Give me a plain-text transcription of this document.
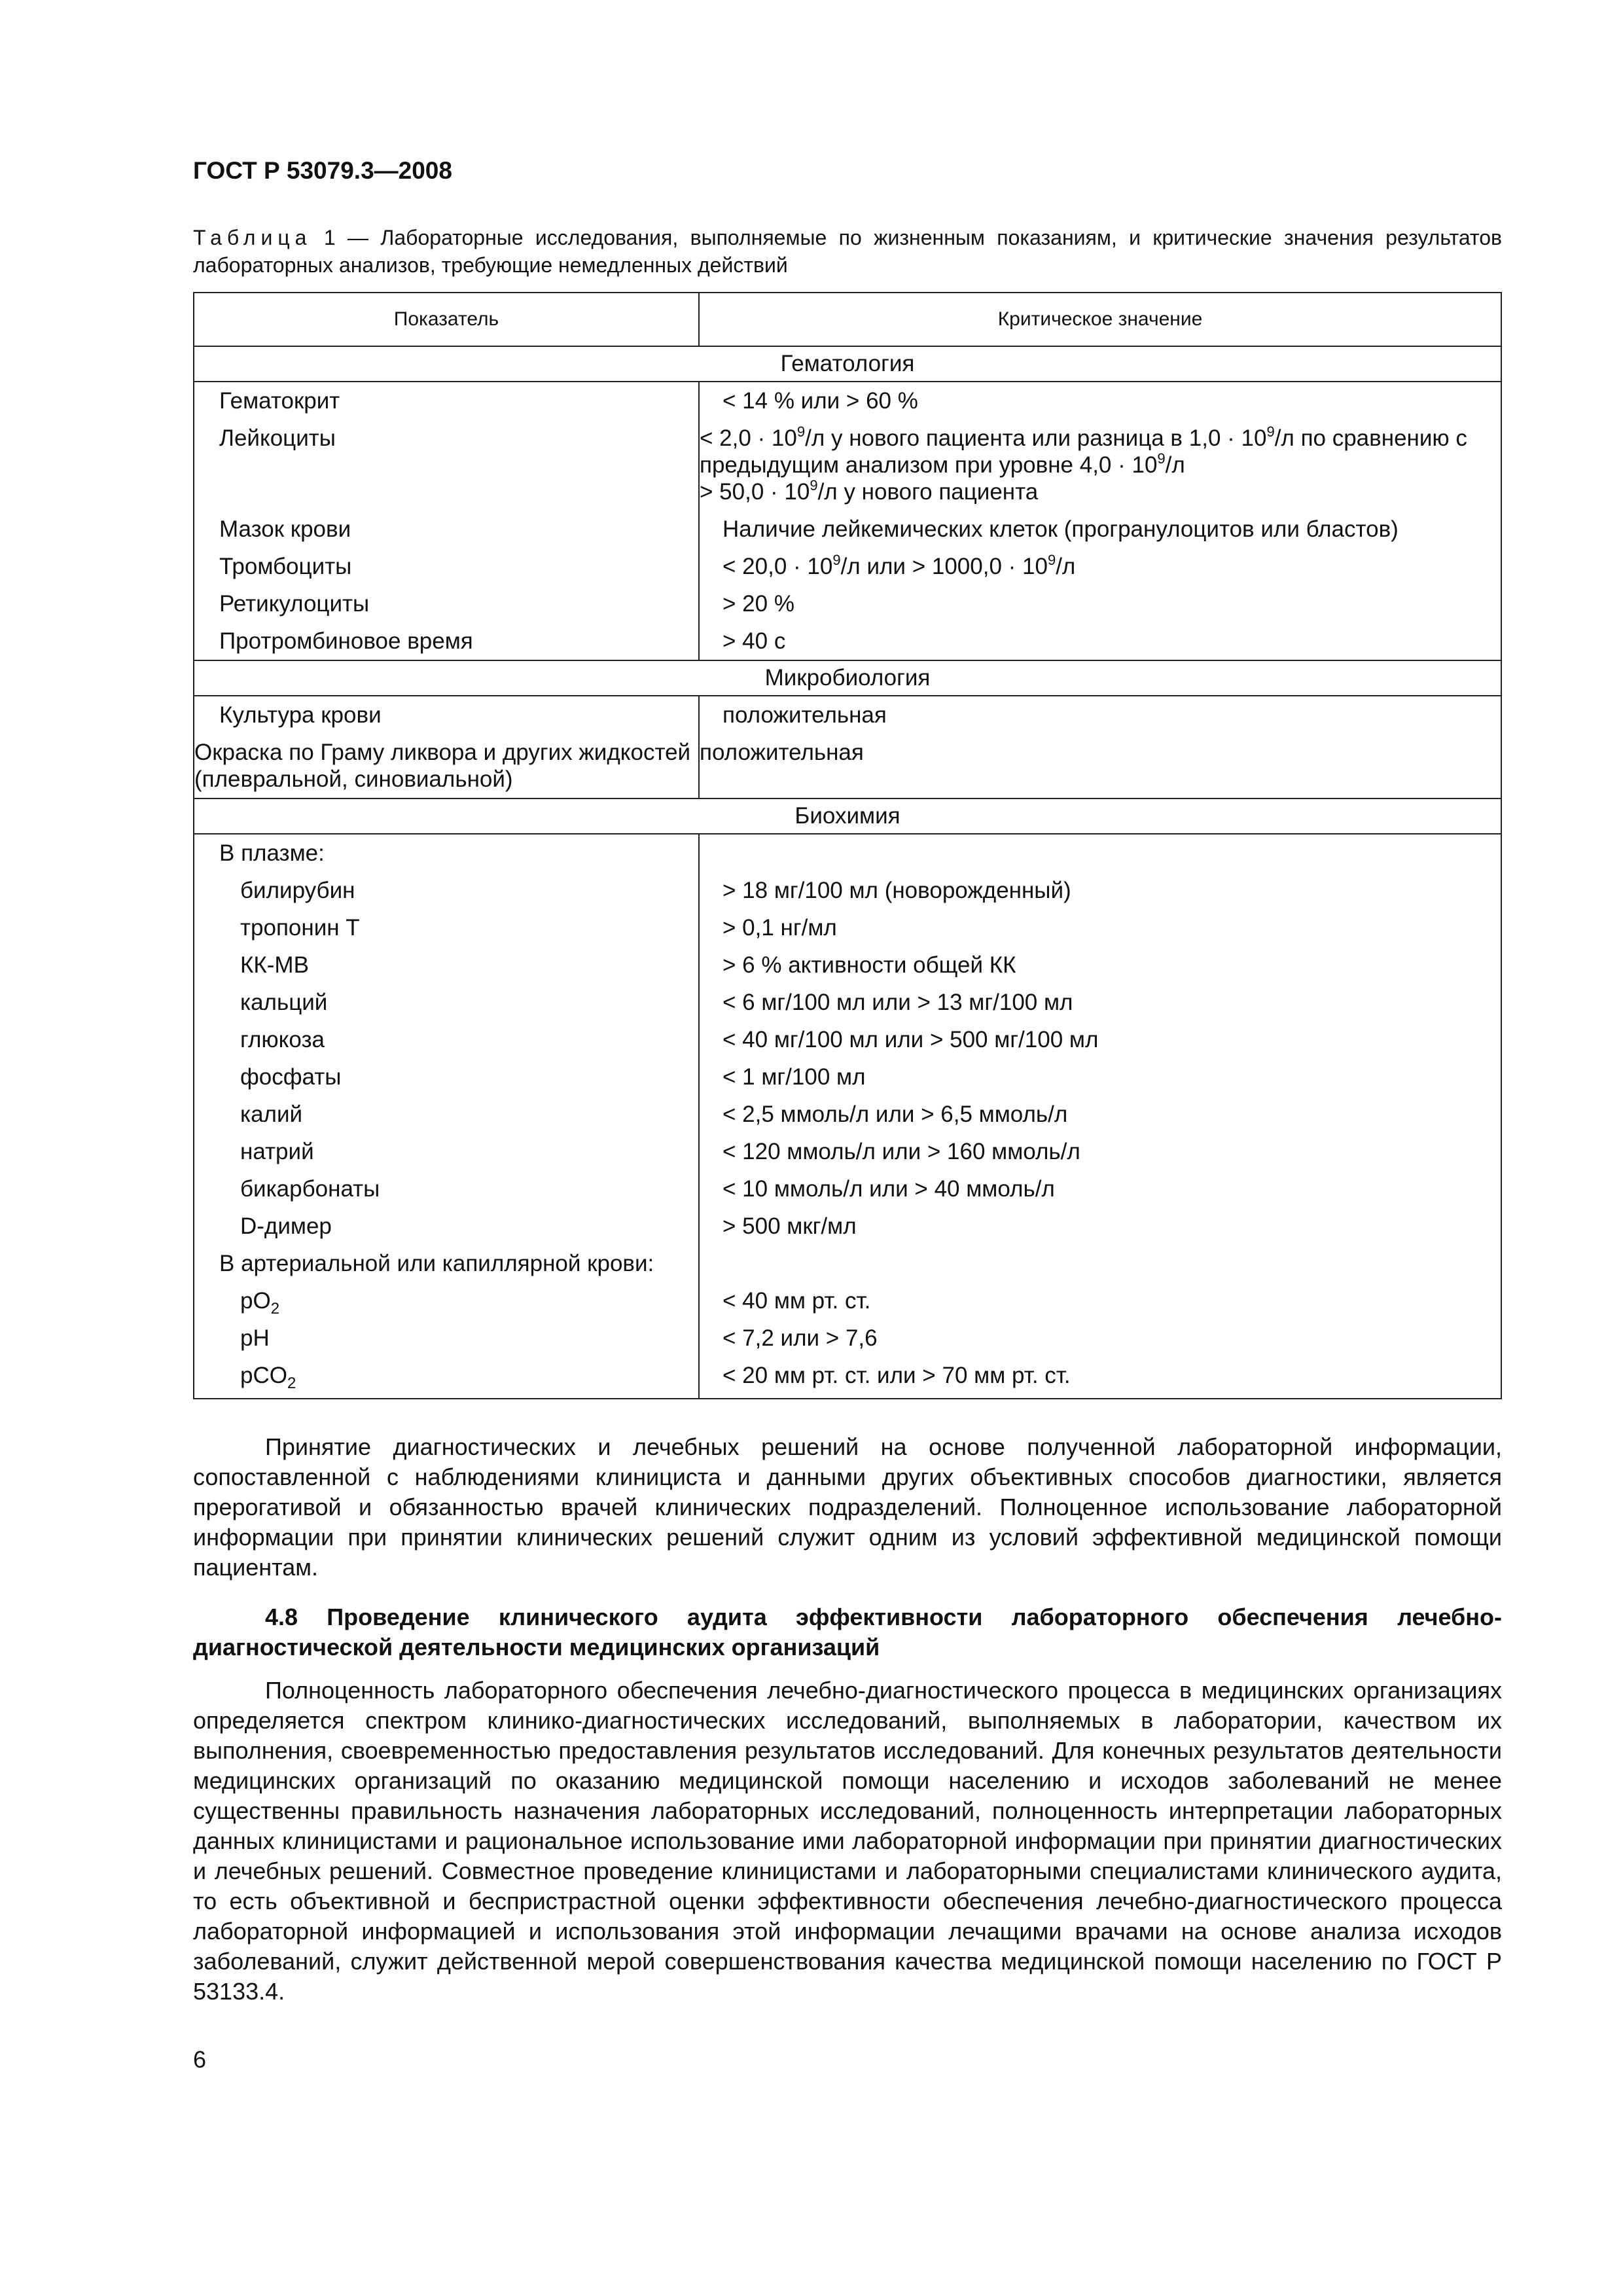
ГОСТ Р 53079.3—2008
Таблица 1 — Лабораторные исследования, выполняемые по жизненным показаниям, и критические значения результатов лабораторных анализов, требующие немедленных действий
Показатель	Критическое значение
Гематология	
Гематокрит	< 14 % или > 60 %
Лейкоциты	< $2,0 \cdot 10^9/л$ у нового пациента или разница в $1,0 \cdot 10^9/л$ по сравнению с предыдущим анализом при уровне $4,0 \cdot 10^9/л$
> $50,0 \cdot 10^9/л$ у нового пациента

Мазок крови	Наличие лейкемических клеток (програнулоцитов или бластов)
Тромбоциты	< $20,0 \cdot 10^9/л$ или > $1000,0 \cdot 10^9/л$
Ретикулоциты	> 20 %
Протромбиновое время	> 40 с
Микробиология	
Культура крови	положительная
Окраска по Граму ликвора и других жидкостей (плевральной, синовиальной)	положительная
Биохимия	
В плазме:	
билирубин	> 18 мг/100 мл (новорожденный)
тропонин Т	> 0,1 нг/мл
КК-МВ	> 6 % активности общей КК
кальций	< 6 мг/100 мл или > 13 мг/100 мл
глюкоза	< 40 мг/100 мл или > 500 мг/100 мл
фосфаты	< 1 мг/100 мл
калий	< 2,5 ммоль/л или > 6,5 ммоль/л
натрий	< 120 ммоль/л или > 160 ммоль/л
бикарбонаты	< 10 ммоль/л или > 40 ммоль/л
D-димер	> 500 мкг/мл
В артериальной или капиллярной крови:	
$pO_2$	< 40 мм рт. ст.
pH	< 7,2 или > 7,6
pCO$_2$	< 20 мм рт. ст. или > 70 мм рт. ст.

Принятие диагностических и лечебных решений на основе полученной лабораторной информации, сопоставленной с наблюдениями клинициста и данными других объективных способов диагностики, является прерогативой и обязанностью врачей клинических подразделений. Полноценное использование лабораторной информации при принятии клинических решений служит одним из условий эффективной медицинской помощи пациентам.

4.8 Проведение клинического аудита эффективности лабораторного обеспечения лечебно-диагностической деятельности медицинских организаций

Полноценность лабораторного обеспечения лечебно-диагностического процесса в медицинских организациях определяется спектром клинико-диагностических исследований, выполняемых в лаборатории, качеством их выполнения, своевременностью предоставления результатов исследований. Для конечных результатов деятельности медицинских организаций по оказанию медицинской помощи населению и исходов заболеваний не менее существенны правильность назначения лабораторных исследований, полноценность интерпретации лабораторных данных клиницистами и рациональное использование ими лабораторной информации при принятии диагностических и лечебных решений. Совместное проведение клиницистами и лабораторными специалистами клинического аудита, то есть объективной и беспристрастной оценки эффективности обеспечения лечебно-диагностического процесса лабораторной информацией и использования этой информации лечащими врачами на основе анализа исходов заболеваний, служит действенной мерой совершенствования качества медицинской помощи населению по ГОСТ Р 53133.4.

6
